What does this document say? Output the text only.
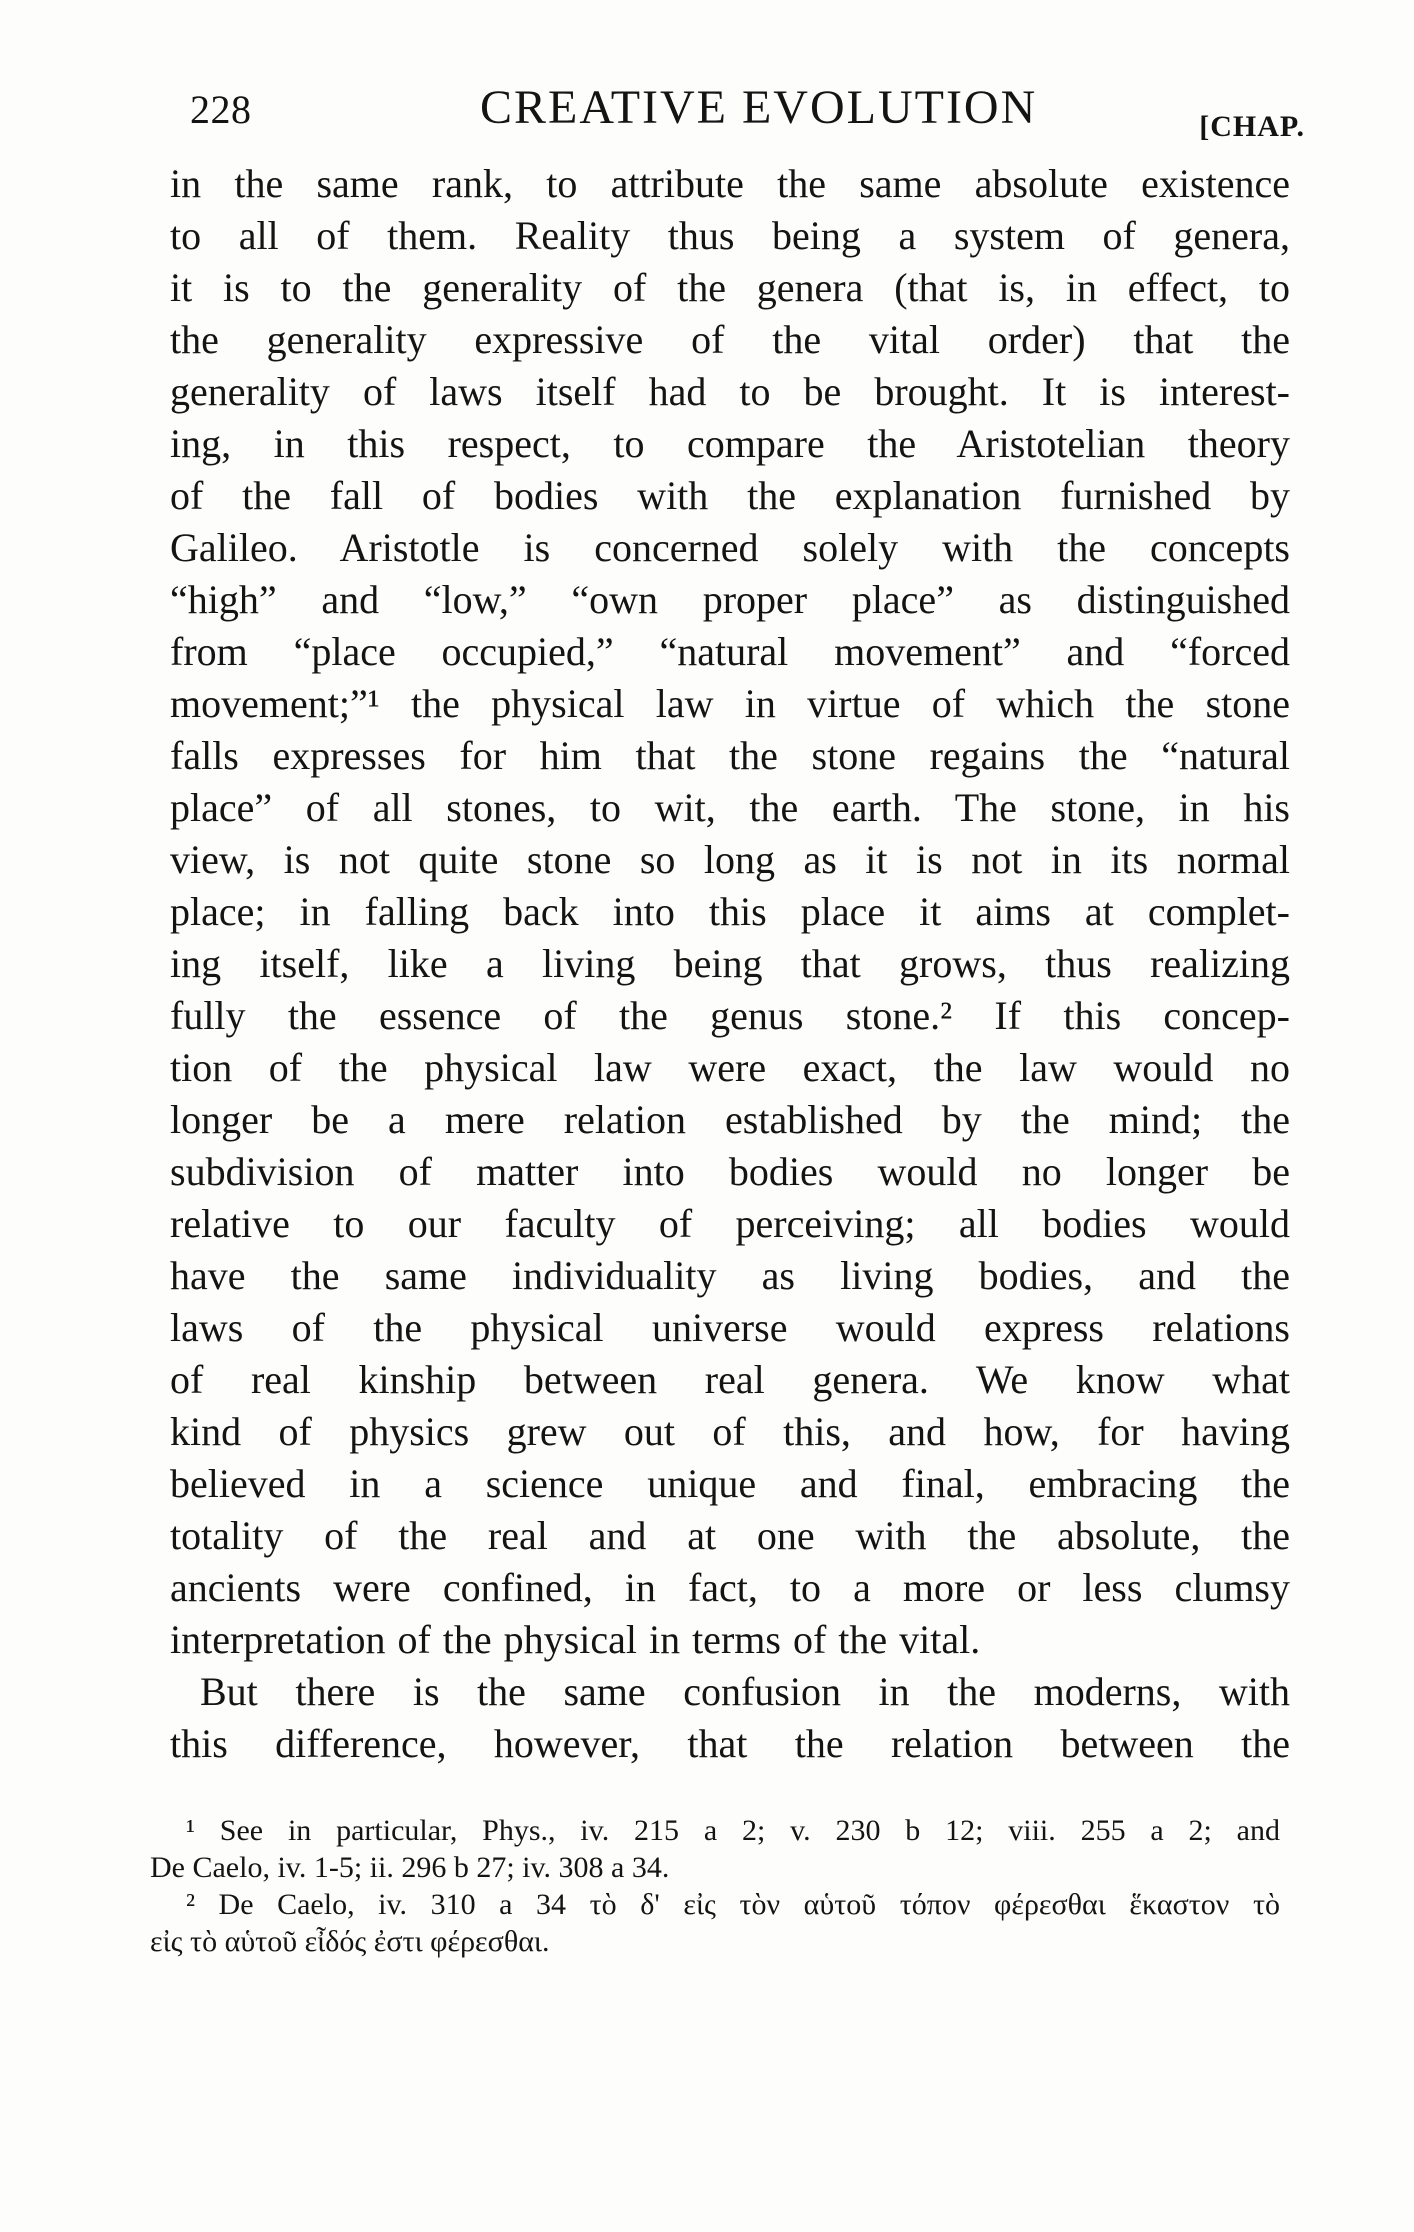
228	CREATIVE EVOLUTION	[CHAP.
in the same rank, to attribute the same absolute existence
to all of them. Reality thus being a system of genera,
it is to the generality of the genera (that is, in effect, to
the generality expressive of the vital order) that the
generality of laws itself had to be brought. It is interest-
ing, in this respect, to compare the Aristotelian theory
of the fall of bodies with the explanation furnished by
Galileo. Aristotle is concerned solely with the concepts
“high” and “low,” “own proper place” as distinguished
from “place occupied,” “natural movement” and “forced
movement;”¹ the physical law in virtue of which the stone
falls expresses for him that the stone regains the “natural
place” of all stones, to wit, the earth. The stone, in his
view, is not quite stone so long as it is not in its normal
place; in falling back into this place it aims at complet-
ing itself, like a living being that grows, thus realizing
fully the essence of the genus stone.² If this concep-
tion of the physical law were exact, the law would no
longer be a mere relation established by the mind; the
subdivision of matter into bodies would no longer be
relative to our faculty of perceiving; all bodies would
have the same individuality as living bodies, and the
laws of the physical universe would express relations
of real kinship between real genera. We know what
kind of physics grew out of this, and how, for having
believed in a science unique and final, embracing the
totality of the real and at one with the absolute, the
ancients were confined, in fact, to a more or less clumsy
interpretation of the physical in terms of the vital.
But there is the same confusion in the moderns, with
this difference, however, that the relation between the
¹ See in particular, Phys., iv. 215 a 2; v. 230 b 12; viii. 255 a 2; and
De Caelo, iv. 1-5; ii. 296 b 27; iv. 308 a 34.
² De Caelo, iv. 310 a 34 τὸ δ' εἰς τὸν αὑτοῦ τόπον φέρεσθαι ἕκαστον τὸ
εἰς τὸ αὑτοῦ εἶδός ἐστι φέρεσθαι.
